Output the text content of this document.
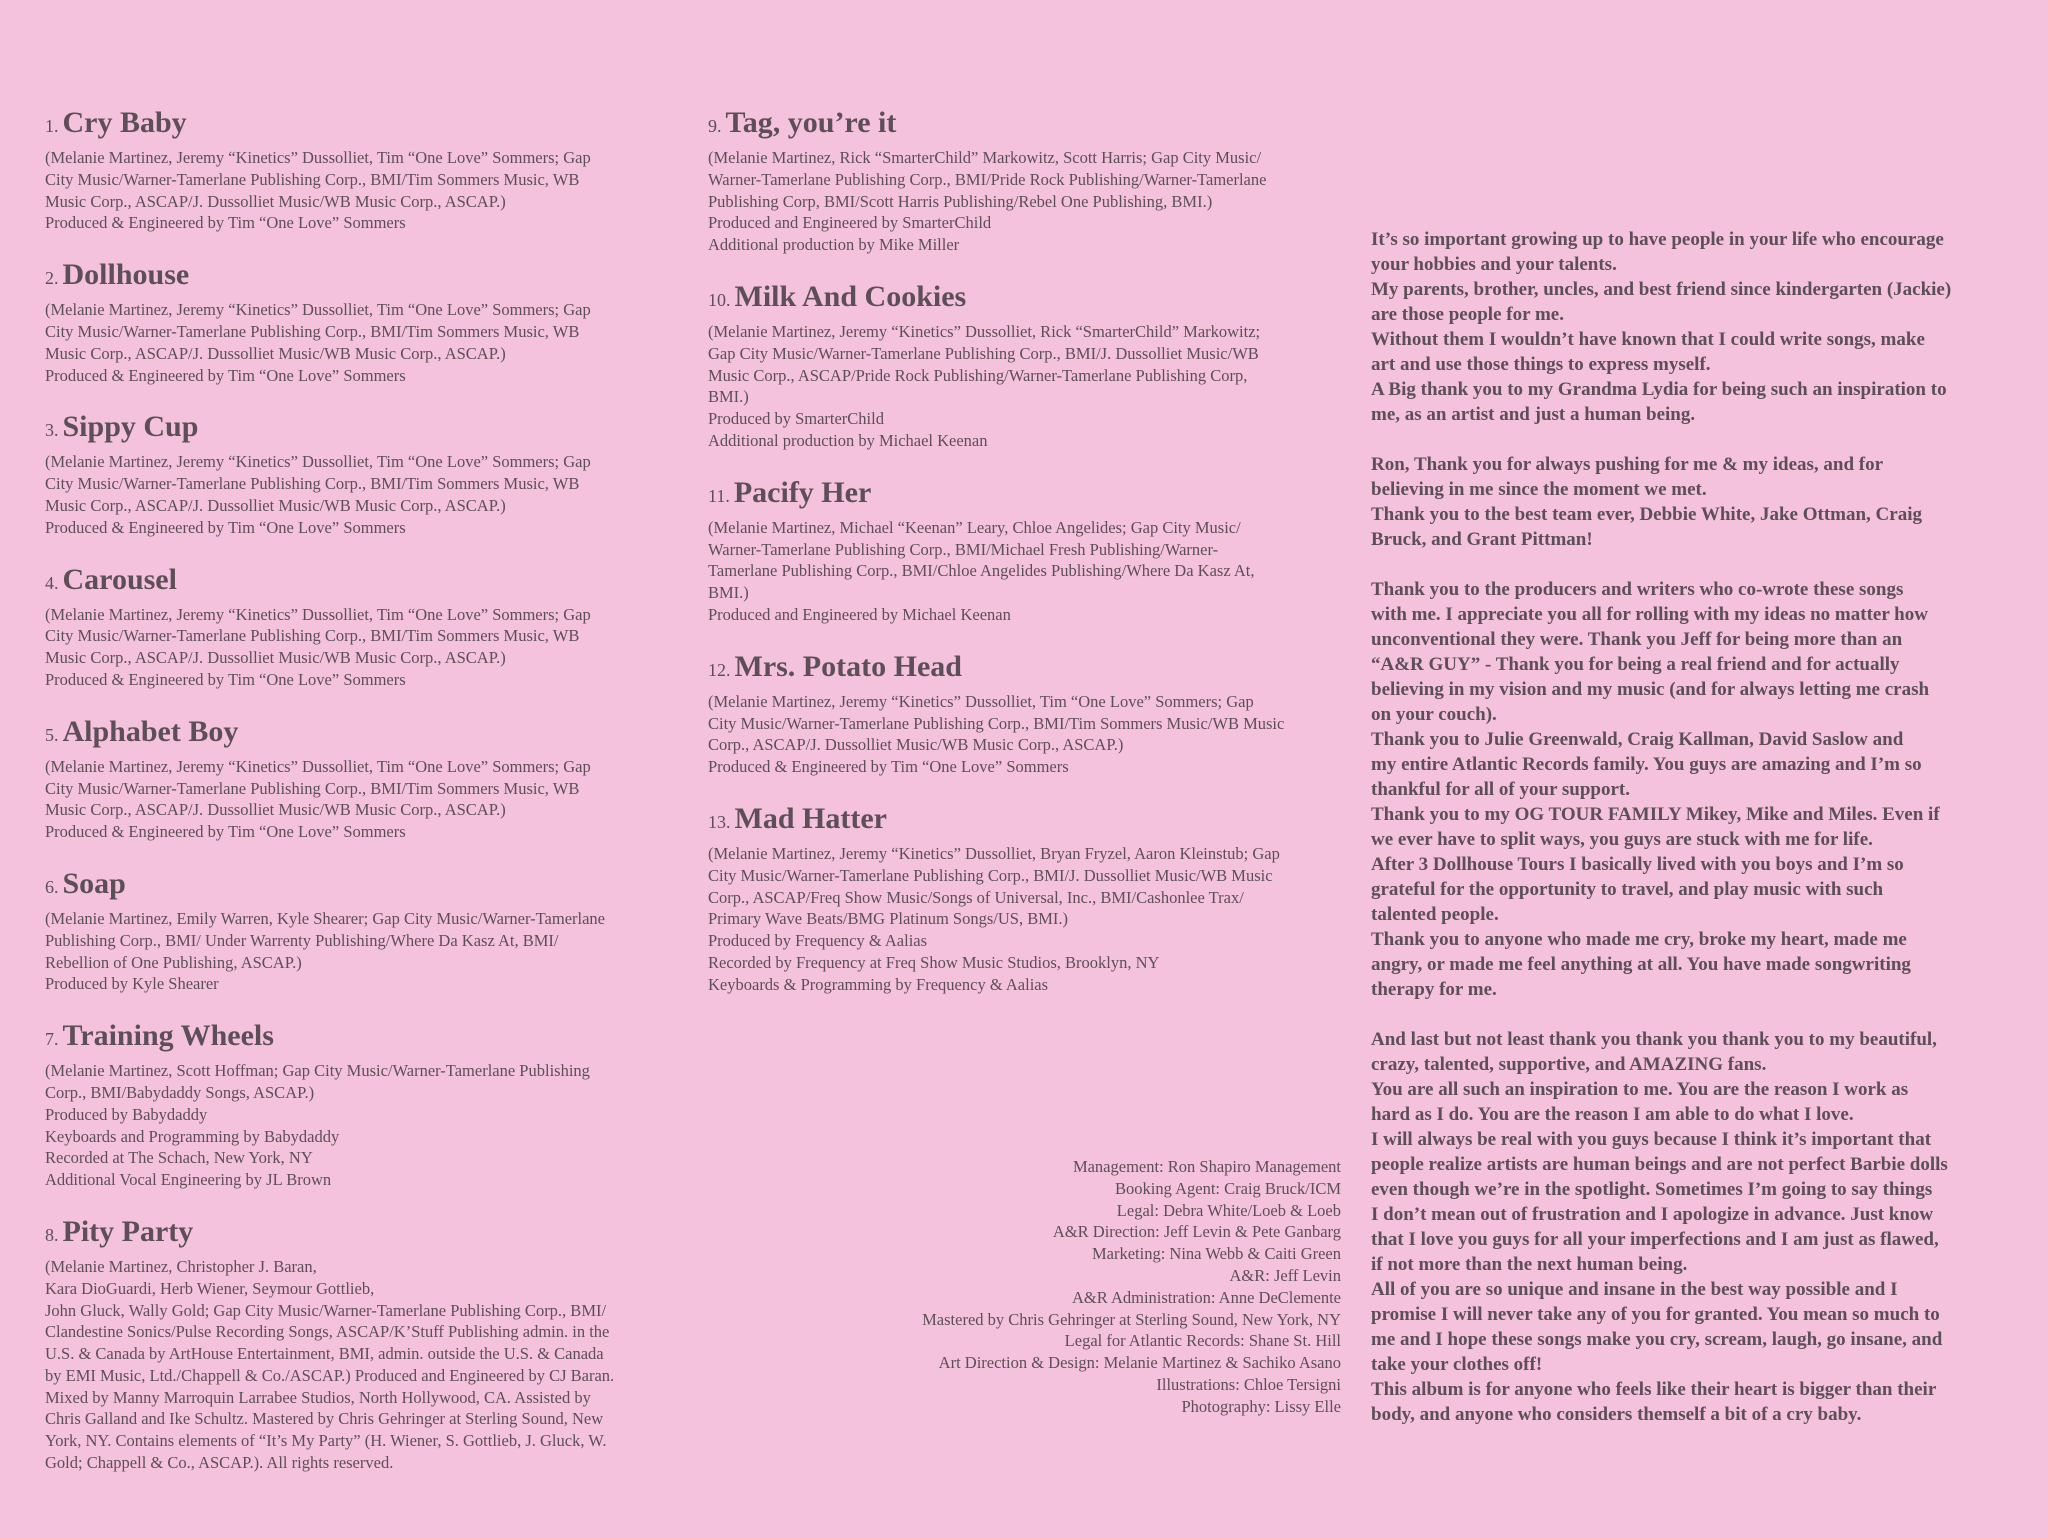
1. Cry Baby
(Melanie Martinez, Jeremy “Kinetics” Dussolliet, Tim “One Love” Sommers; Gap
City Music/Warner-Tamerlane Publishing Corp., BMI/Tim Sommers Music, WB
Music Corp., ASCAP/J. Dussolliet Music/WB Music Corp., ASCAP.)
Produced & Engineered by Tim “One Love” Sommers
2. Dollhouse
(Melanie Martinez, Jeremy “Kinetics” Dussolliet, Tim “One Love” Sommers; Gap
City Music/Warner-Tamerlane Publishing Corp., BMI/Tim Sommers Music, WB
Music Corp., ASCAP/J. Dussolliet Music/WB Music Corp., ASCAP.)
Produced & Engineered by Tim “One Love” Sommers
3. Sippy Cup
(Melanie Martinez, Jeremy “Kinetics” Dussolliet, Tim “One Love” Sommers; Gap
City Music/Warner-Tamerlane Publishing Corp., BMI/Tim Sommers Music, WB
Music Corp., ASCAP/J. Dussolliet Music/WB Music Corp., ASCAP.)
Produced & Engineered by Tim “One Love” Sommers
4. Carousel
(Melanie Martinez, Jeremy “Kinetics” Dussolliet, Tim “One Love” Sommers; Gap
City Music/Warner-Tamerlane Publishing Corp., BMI/Tim Sommers Music, WB
Music Corp., ASCAP/J. Dussolliet Music/WB Music Corp., ASCAP.)
Produced & Engineered by Tim “One Love” Sommers
5. Alphabet Boy
(Melanie Martinez, Jeremy “Kinetics” Dussolliet, Tim “One Love” Sommers; Gap
City Music/Warner-Tamerlane Publishing Corp., BMI/Tim Sommers Music, WB
Music Corp., ASCAP/J. Dussolliet Music/WB Music Corp., ASCAP.)
Produced & Engineered by Tim “One Love” Sommers
6. Soap
(Melanie Martinez, Emily Warren, Kyle Shearer; Gap City Music/Warner-Tamerlane
Publishing Corp., BMI/ Under Warrenty Publishing/Where Da Kasz At, BMI/
Rebellion of One Publishing, ASCAP.)
Produced by Kyle Shearer
7. Training Wheels
(Melanie Martinez, Scott Hoffman; Gap City Music/Warner-Tamerlane Publishing
Corp., BMI/Babydaddy Songs, ASCAP.)
Produced by Babydaddy
Keyboards and Programming by Babydaddy
Recorded at The Schach, New York, NY
Additional Vocal Engineering by JL Brown
8. Pity Party
(Melanie Martinez, Christopher J. Baran,
Kara DioGuardi, Herb Wiener, Seymour Gottlieb,
John Gluck, Wally Gold; Gap City Music/Warner-Tamerlane Publishing Corp., BMI/
Clandestine Sonics/Pulse Recording Songs, ASCAP/K’Stuff Publishing admin. in the
U.S. & Canada by ArtHouse Entertainment, BMI, admin. outside the U.S. & Canada
by EMI Music, Ltd./Chappell & Co./ASCAP.) Produced and Engineered by CJ Baran.
Mixed by Manny Marroquin Larrabee Studios, North Hollywood, CA. Assisted by
Chris Galland and Ike Schultz. Mastered by Chris Gehringer at Sterling Sound, New
York, NY. Contains elements of “It’s My Party” (H. Wiener, S. Gottlieb, J. Gluck, W.
Gold; Chappell & Co., ASCAP.). All rights reserved.
9. Tag, you’re it
(Melanie Martinez, Rick “SmarterChild” Markowitz, Scott Harris; Gap City Music/
Warner-Tamerlane Publishing Corp., BMI/Pride Rock Publishing/Warner-Tamerlane
Publishing Corp, BMI/Scott Harris Publishing/Rebel One Publishing, BMI.)
Produced and Engineered by SmarterChild
Additional production by Mike Miller
10. Milk And Cookies
(Melanie Martinez, Jeremy “Kinetics” Dussolliet, Rick “SmarterChild” Markowitz;
Gap City Music/Warner-Tamerlane Publishing Corp., BMI/J. Dussolliet Music/WB
Music Corp., ASCAP/Pride Rock Publishing/Warner-Tamerlane Publishing Corp,
BMI.)
Produced by SmarterChild
Additional production by Michael Keenan
11. Pacify Her
(Melanie Martinez, Michael “Keenan” Leary, Chloe Angelides; Gap City Music/
Warner-Tamerlane Publishing Corp., BMI/Michael Fresh Publishing/Warner-
Tamerlane Publishing Corp., BMI/Chloe Angelides Publishing/Where Da Kasz At,
BMI.)
Produced and Engineered by Michael Keenan
12. Mrs. Potato Head
(Melanie Martinez, Jeremy “Kinetics” Dussolliet, Tim “One Love” Sommers; Gap
City Music/Warner-Tamerlane Publishing Corp., BMI/Tim Sommers Music/WB Music
Corp., ASCAP/J. Dussolliet Music/WB Music Corp., ASCAP.)
Produced & Engineered by Tim “One Love” Sommers
13. Mad Hatter
(Melanie Martinez, Jeremy “Kinetics” Dussolliet, Bryan Fryzel, Aaron Kleinstub; Gap
City Music/Warner-Tamerlane Publishing Corp., BMI/J. Dussolliet Music/WB Music
Corp., ASCAP/Freq Show Music/Songs of Universal, Inc., BMI/Cashonlee Trax/
Primary Wave Beats/BMG Platinum Songs/US, BMI.)
Produced by Frequency & Aalias
Recorded by Frequency at Freq Show Music Studios, Brooklyn, NY
Keyboards & Programming by Frequency & Aalias
Management: Ron Shapiro Management
Booking Agent: Craig Bruck/ICM
Legal: Debra White/Loeb & Loeb
A&R Direction: Jeff Levin & Pete Ganbarg
Marketing: Nina Webb & Caiti Green
A&R: Jeff Levin
A&R Administration: Anne DeClemente
Mastered by Chris Gehringer at Sterling Sound, New York, NY
Legal for Atlantic Records: Shane St. Hill
Art Direction & Design: Melanie Martinez & Sachiko Asano
Illustrations: Chloe Tersigni
Photography: Lissy Elle
It’s so important growing up to have people in your life who encourage
your hobbies and your talents.
My parents, brother, uncles, and best friend since kindergarten (Jackie)
are those people for me.
Without them I wouldn’t have known that I could write songs, make
art and use those things to express myself.
A Big thank you to my Grandma Lydia for being such an inspiration to
me, as an artist and just a human being.
Ron, Thank you for always pushing for me & my ideas, and for
believing in me since the moment we met.
Thank you to the best team ever, Debbie White, Jake Ottman, Craig
Bruck, and Grant Pittman!
Thank you to the producers and writers who co-wrote these songs
with me. I appreciate you all for rolling with my ideas no matter how
unconventional they were. Thank you Jeff for being more than an
“A&R GUY” - Thank you for being a real friend and for actually
believing in my vision and my music (and for always letting me crash
on your couch).
Thank you to Julie Greenwald, Craig Kallman, David Saslow and
my entire Atlantic Records family. You guys are amazing and I’m so
thankful for all of your support.
Thank you to my OG TOUR FAMILY Mikey, Mike and Miles. Even if
we ever have to split ways, you guys are stuck with me for life.
After 3 Dollhouse Tours I basically lived with you boys and I’m so
grateful for the opportunity to travel, and play music with such
talented people.
Thank you to anyone who made me cry, broke my heart, made me
angry, or made me feel anything at all. You have made songwriting
therapy for me.
And last but not least thank you thank you thank you to my beautiful,
crazy, talented, supportive, and AMAZING fans.
You are all such an inspiration to me. You are the reason I work as
hard as I do. You are the reason I am able to do what I love.
I will always be real with you guys because I think it’s important that
people realize artists are human beings and are not perfect Barbie dolls
even though we’re in the spotlight. Sometimes I’m going to say things
I don’t mean out of frustration and I apologize in advance. Just know
that I love you guys for all your imperfections and I am just as flawed,
if not more than the next human being.
All of you are so unique and insane in the best way possible and I
promise I will never take any of you for granted. You mean so much to
me and I hope these songs make you cry, scream, laugh, go insane, and
take your clothes off!
This album is for anyone who feels like their heart is bigger than their
body, and anyone who considers themself a bit of a cry baby.
